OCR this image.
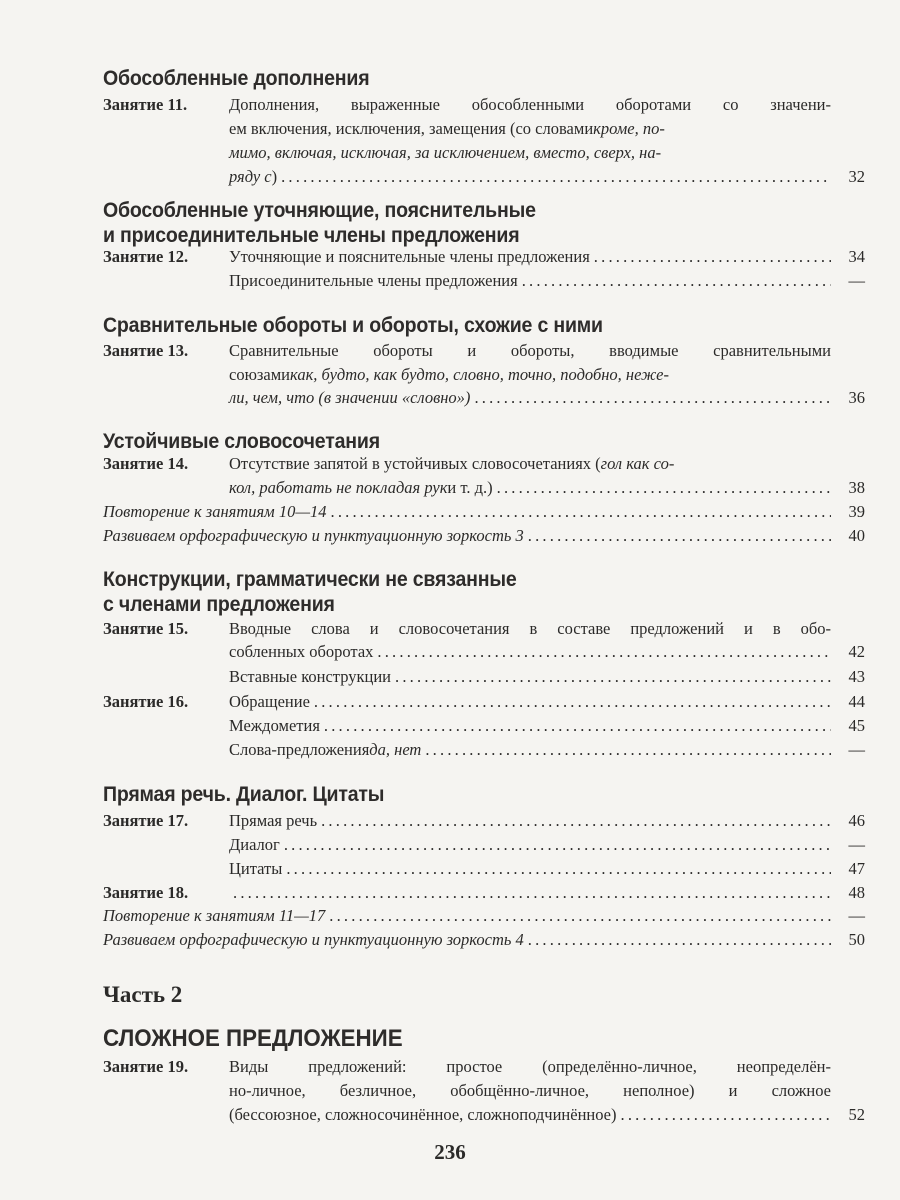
Обособленные дополнения
Занятие 11.	Дополнения, выраженные обособленными оборотами со значени-
ем включения, исключения, замещения (со словами кроме, по-
мимо, включая, исключая, за исключением, вместо, сверх, на-
ряду с ) .....	32
Обособленные уточняющие, пояснительные
и присоединительные члены предложения
Занятие 12.	Уточняющие и пояснительные члены предложения .....	34
Присоединительные члены предложения .....	—
Сравнительные обороты и обороты, схожие с ними
Занятие 13.	Сравнительные обороты и обороты, вводимые сравнительными
союзами как, будто, как будто, словно, точно, подобно, неже-
ли, чем, что (в значении «словно») .....	36
Устойчивые словосочетания
Занятие 14.	Отсутствие запятой в устойчивых словосочетаниях ( гол как со-
кол, работать не покладая рук и т. д.) .....	38
Повторение к занятиям 10—14 .....	39
Развиваем орфографическую и пунктуационную зоркость 3 .....	40
Конструкции, грамматически не связанные
с членами предложения
Занятие 15.	Вводные слова и словосочетания в составе предложений и в обо-
собленных оборотах .....	42
Вставные конструкции .....	43
Занятие 16.	Обращение .....	44
Междометия .....	45
Слова-предложения да, нет .....	—
Прямая речь. Диалог. Цитаты
Занятие 17.	Прямая речь .....	46
Диалог .....	—
Цитаты .....	47
Занятие 18. .....	48
Повторение к занятиям 11—17 .....	—
Развиваем орфографическую и пунктуационную зоркость 4 .....	50
Часть 2
СЛОЖНОЕ ПРЕДЛОЖЕНИЕ
Занятие 19.	Виды предложений: простое (определённо-личное, неопределён-
но-личное, безличное, обобщённо-личное, неполное) и сложное
(бессоюзное, сложносочинённое, сложноподчинённое) .....	52
236
